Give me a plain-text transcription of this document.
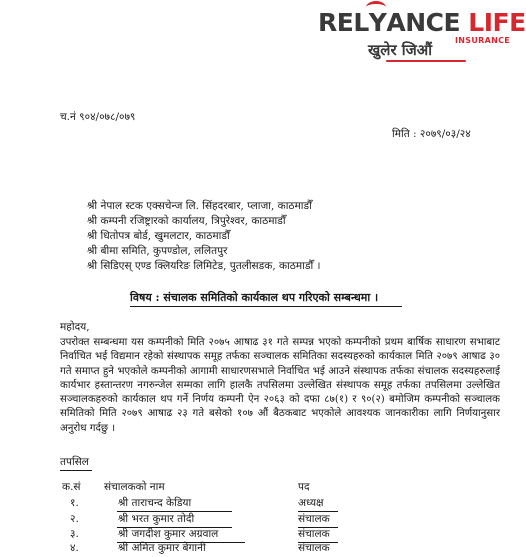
REL
YANCE LIFE
INSURANCE
खुलेर जिऔं
च.नं ९०४/०७८/०७९
मिति : २०७९/०३/२४
श्री नेपाल स्टक एक्सचेन्ज लि. सिंहदरबार, प्लाजा, काठमाडौँ
श्री कम्पनी रजिष्ट्रारको कार्यालय, त्रिपुरेश्वर, काठमाडौँ
श्री धितोपत्र बोर्ड, खुमलटार, काठमाडौँ
श्री बीमा समिति, कुपण्डोल, ललितपुर
श्री सिडिएस् एण्ड क्लियरिङ लिमिटेड, पुतलीसडक, काठमाडौँ ।
विषय : संचालक समितिको कार्यकाल थप गरिएको सम्बन्धमा ।
महोदय,
उपरोक्त सम्बन्धमा यस कम्पनीको मिति २०७५ आषाढ ३१ गते सम्पन्न भएको कम्पनीको प्रथम बार्षिक साधारण सभाबाट निर्वाचित भई विद्यमान रहेको संस्थापक समूह तर्फका सञ्चालक समितिका सदस्यहरुको कार्यकाल मिति २०७९ आषाढ ३० गते समाप्त हुने भएकोले कम्पनीको आगामी साधारणसभाले निर्वाचित भई आउने संस्थापक तर्फका संचालक सदस्यहरुलाई कार्यभार हस्तान्तरण नगरुन्जेल सम्मका लागि हालकै तपसिलमा उल्लेखित संस्थापक समूह तर्फका तपसिलमा उल्लेखित सञ्चालकहरुको कार्यकाल थप गर्ने निर्णय कम्पनी ऐन २०६३ को दफा ८७(१) र ९०(२) बमोजिम कम्पनीको सञ्चालक समितिको मिति २०७९ आषाढ २३ गते बसेको १०७ औं बैठकबाट भएकोले आवश्यक जानकारीका लागि निर्णयानुसार अनुरोध गर्दछु ।
तपसिल
क.सं संचालकको नाम	पद
१.	श्री ताराचन्द केडिया	अध्यक्ष
२.	श्री भरत कुमार तोदी	संचालक
३.	श्री जगदीश कुमार अग्रवाल	संचालक
४.	श्री अमित कुमार बेगानी	संचालक
